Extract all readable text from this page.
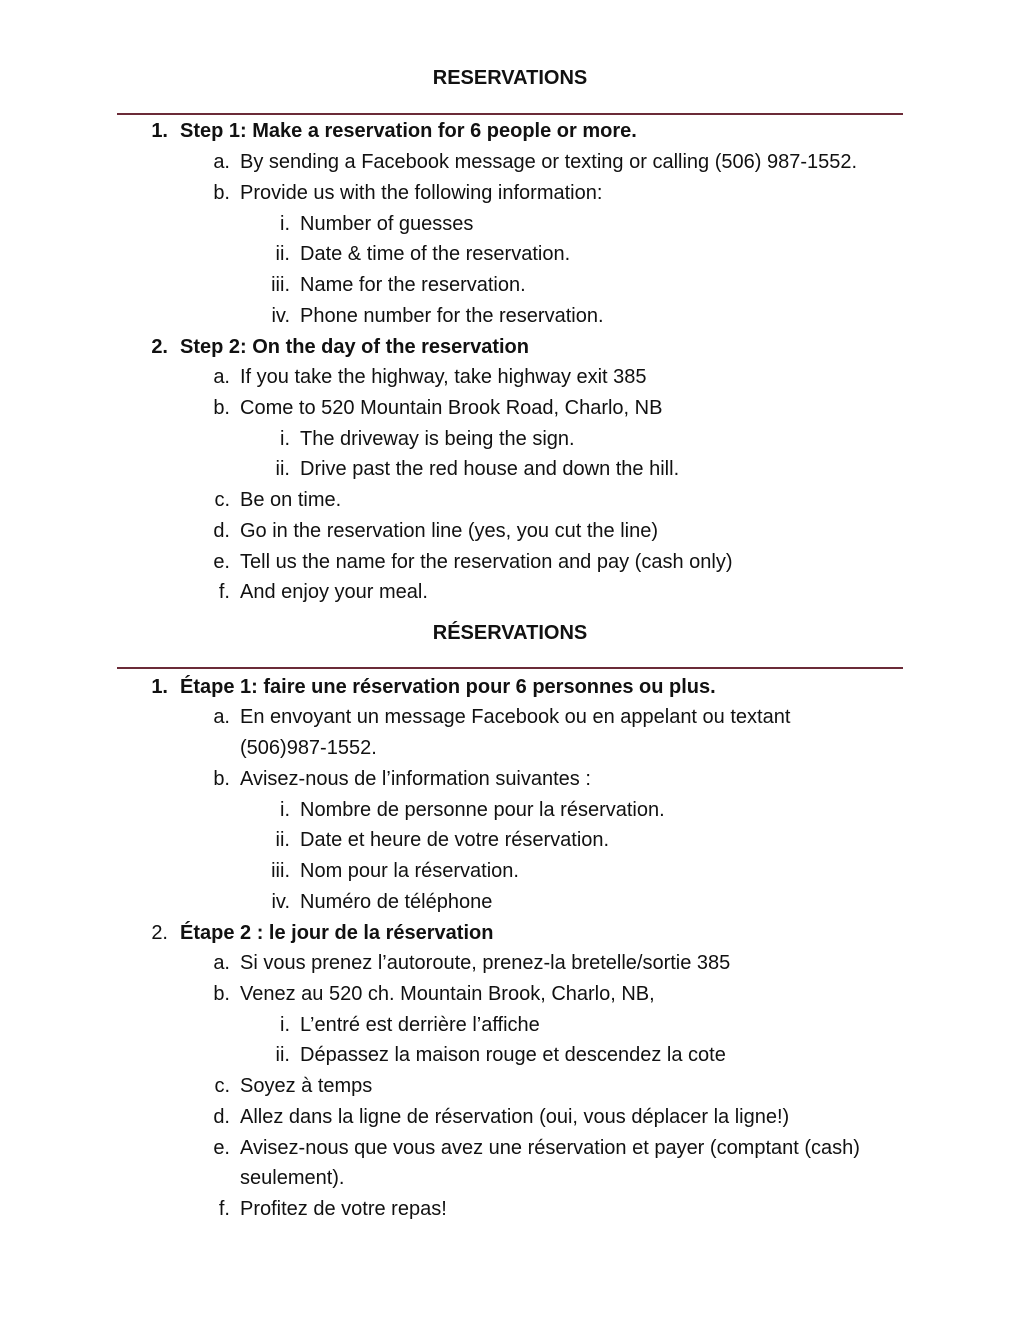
RESERVATIONS
1. Step 1: Make a reservation for 6 people or more.
a. By sending a Facebook message or texting or calling (506) 987-1552.
b. Provide us with the following information:
i. Number of guesses
ii. Date & time of the reservation.
iii. Name for the reservation.
iv. Phone number for the reservation.
2. Step 2: On the day of the reservation
a. If you take the highway, take highway exit 385
b. Come to 520 Mountain Brook Road, Charlo, NB
i. The driveway is being the sign.
ii. Drive past the red house and down the hill.
c. Be on time.
d. Go in the reservation line (yes, you cut the line)
e. Tell us the name for the reservation and pay (cash only)
f. And enjoy your meal.
RÉSERVATIONS
1. Étape 1: faire une réservation pour 6 personnes ou plus.
a. En envoyant un message Facebook ou en appelant ou textant
(506)987-1552.
b. Avisez-nous de l’information suivantes :
i. Nombre de personne pour la réservation.
ii. Date et heure de votre réservation.
iii. Nom pour la réservation.
iv. Numéro de téléphone
2. Étape 2 : le jour de la réservation
a. Si vous prenez l’autoroute, prenez-la bretelle/sortie 385
b. Venez au 520 ch. Mountain Brook, Charlo, NB,
i. L’entré est derrière l’affiche
ii. Dépassez la maison rouge et descendez la cote
c. Soyez à temps
d. Allez dans la ligne de réservation (oui, vous déplacer la ligne!)
e. Avisez-nous que vous avez une réservation et payer (comptant (cash)
seulement).
f. Profitez de votre repas!
